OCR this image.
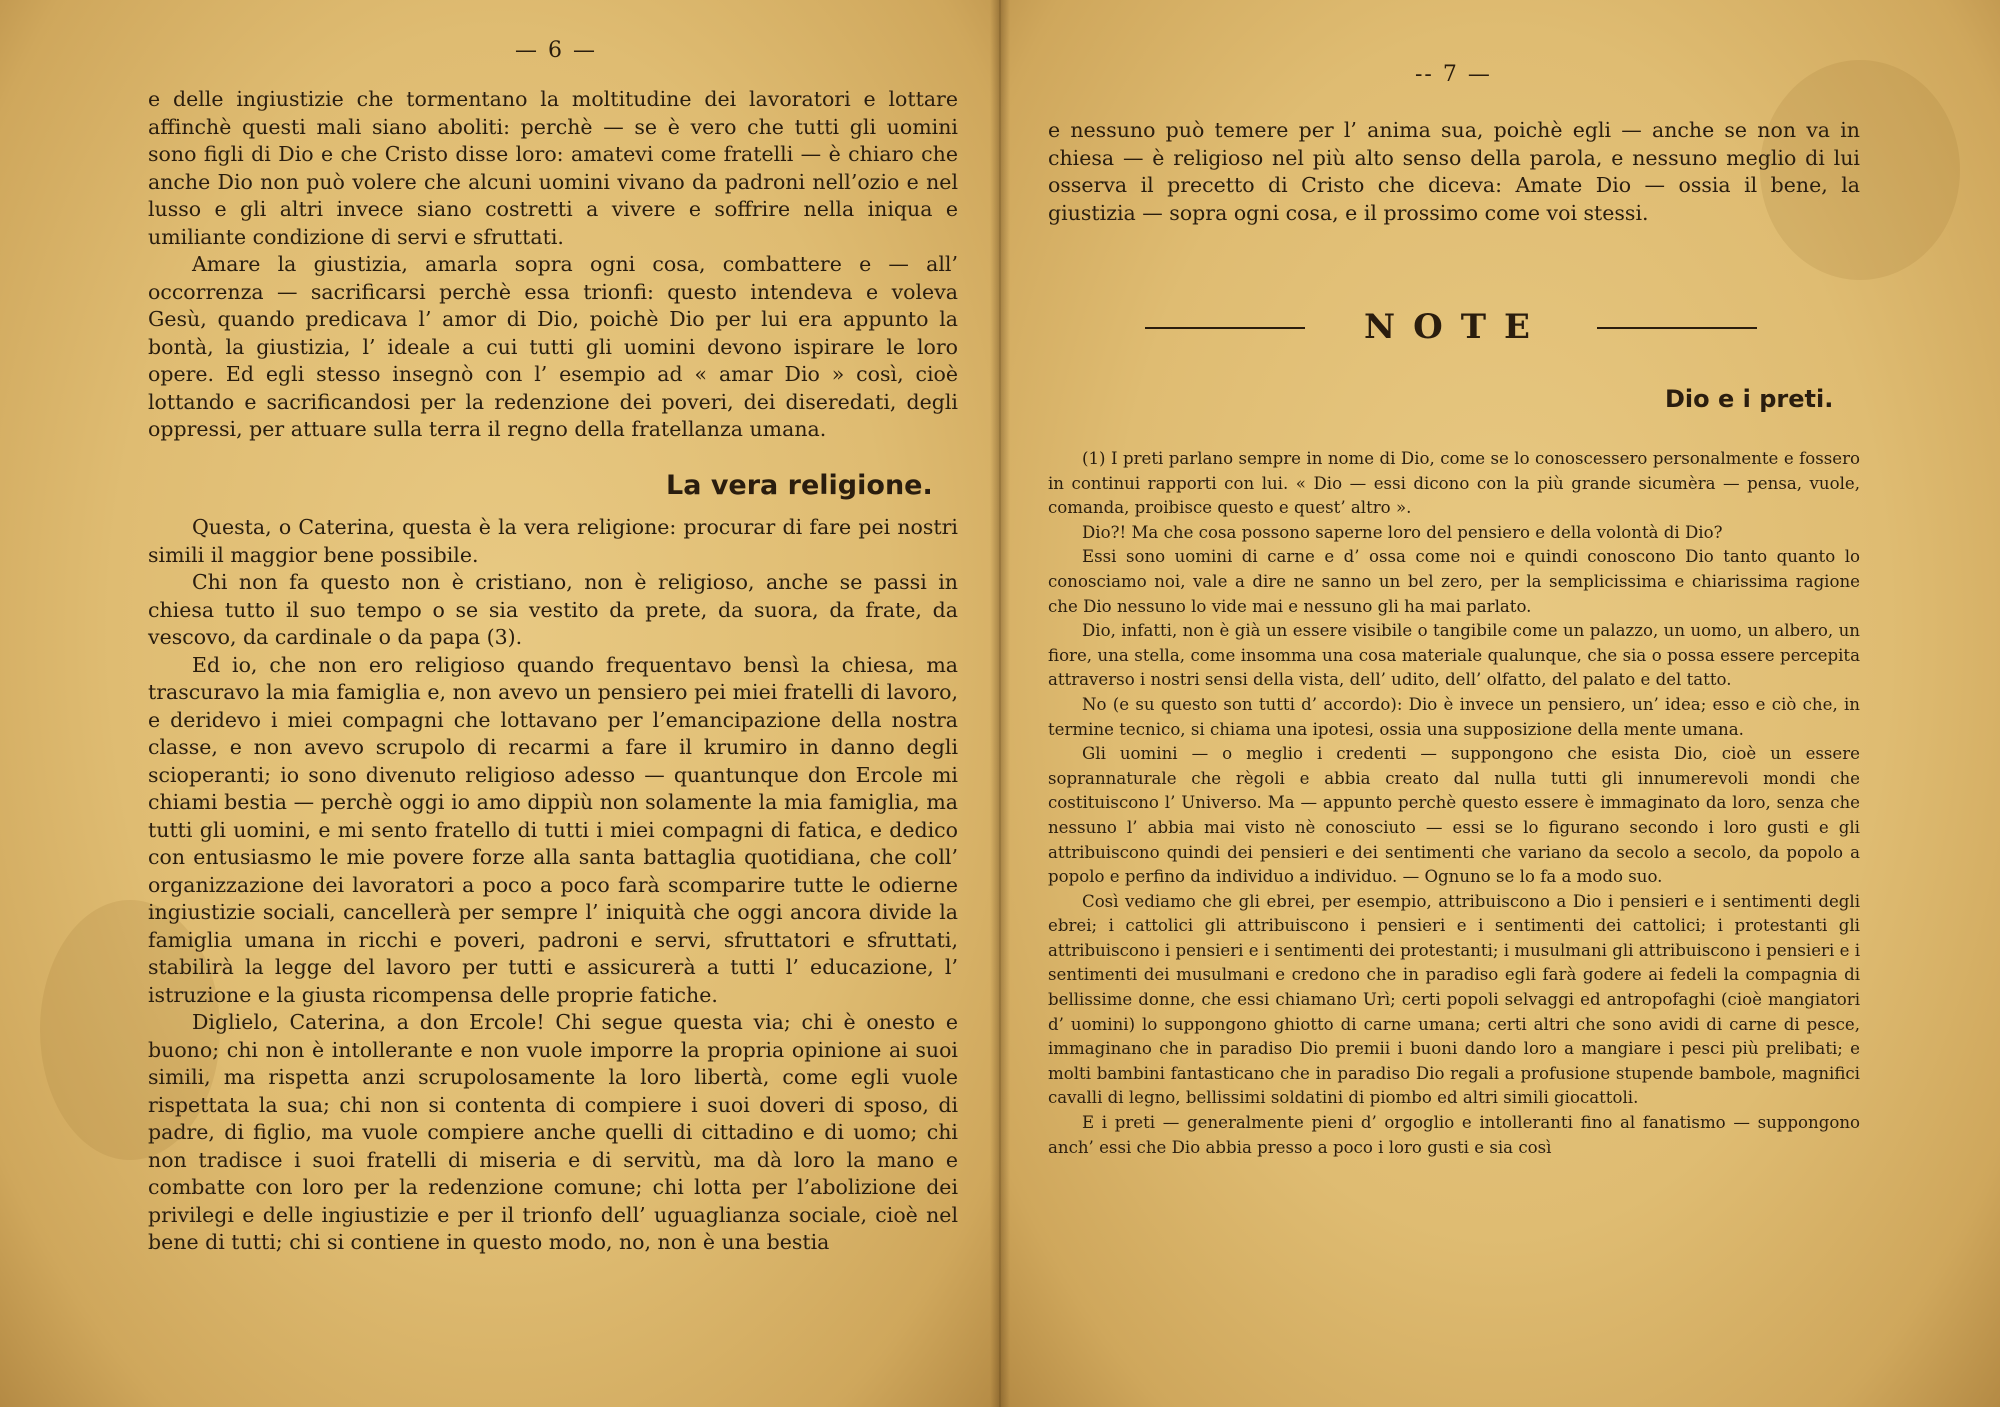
— 6 —

e delle ingiustizie che tormentano la moltitudine dei lavoratori e lottare affinchè questi mali siano aboliti: perchè — se è vero che tutti gli uomini sono figli di Dio e che Cristo disse loro: amatevi come fratelli — è chiaro che anche Dio non può volere che alcuni uomini vivano da padroni nell’ozio e nel lusso e gli altri invece siano costretti a vivere e soffrire nella iniqua e umiliante condizione di servi e sfruttati.

Amare la giustizia, amarla sopra ogni cosa, combattere e — all’ occorrenza — sacrificarsi perchè essa trionfi: questo intendeva e voleva Gesù, quando predicava l’ amor di Dio, poichè Dio per lui era appunto la bontà, la giustizia, l’ ideale a cui tutti gli uomini devono ispirare le loro opere. Ed egli stesso insegnò con l’ esempio ad « amar Dio » così, cioè lottando e sacrificandosi per la redenzione dei poveri, dei diseredati, degli oppressi, per attuare sulla terra il regno della fratellanza umana.

La vera religione.

Questa, o Caterina, questa è la vera religione: procurar di fare pei nostri simili il maggior bene possibile.

Chi non fa questo non è cristiano, non è religioso, anche se passi in chiesa tutto il suo tempo o se sia vestito da prete, da suora, da frate, da vescovo, da cardinale o da papa (3).

Ed io, che non ero religioso quando frequentavo bensì la chiesa, ma trascuravo la mia famiglia e, non avevo un pensiero pei miei fratelli di lavoro, e deridevo i miei compagni che lottavano per l’emancipazione della nostra classe, e non avevo scrupolo di recarmi a fare il krumiro in danno degli scioperanti; io sono divenuto religioso adesso — quantunque don Ercole mi chiami bestia — perchè oggi io amo dippiù non solamente la mia famiglia, ma tutti gli uomini, e mi sento fratello di tutti i miei compagni di fatica, e dedico con entusiasmo le mie povere forze alla santa battaglia quotidiana, che coll’ organizzazione dei lavoratori a poco a poco farà scomparire tutte le odierne ingiustizie sociali, cancellerà per sempre l’ iniquità che oggi ancora divide la famiglia umana in ricchi e poveri, padroni e servi, sfruttatori e sfruttati, stabilirà la legge del lavoro per tutti e assicurerà a tutti l’ educazione, l’ istruzione e la giusta ricompensa delle proprie fatiche.

Diglielo, Caterina, a don Ercole! Chi segue questa via; chi è onesto e buono; chi non è intollerante e non vuole imporre la propria opinione ai suoi simili, ma rispetta anzi scrupolosamente la loro libertà, come egli vuole rispettata la sua; chi non si contenta di compiere i suoi doveri di sposo, di padre, di figlio, ma vuole compiere anche quelli di cittadino e di uomo; chi non tradisce i suoi fratelli di miseria e di servitù, ma dà loro la mano e combatte con loro per la redenzione comune; chi lotta per l’abolizione dei privilegi e delle ingiustizie e per il trionfo dell’ uguaglianza sociale, cioè nel bene di tutti; chi si contiene in questo modo, no, non è una bestia

-- 7 —

e nessuno può temere per l’ anima sua, poichè egli — anche se non va in chiesa — è religioso nel più alto senso della parola, e nessuno meglio di lui osserva il precetto di Cristo che diceva: Amate Dio — ossia il bene, la giustizia — sopra ogni cosa, e il prossimo come voi stessi.

NOTE
Dio e i preti.

(1) I preti parlano sempre in nome di Dio, come se lo conoscessero personalmente e fossero in continui rapporti con lui. « Dio — essi dicono con la più grande sicumèra — pensa, vuole, comanda, proibisce questo e quest’ altro ».

Dio?! Ma che cosa possono saperne loro del pensiero e della volontà di Dio?

Essi sono uomini di carne e d’ ossa come noi e quindi conoscono Dio tanto quanto lo conosciamo noi, vale a dire ne sanno un bel zero, per la semplicissima e chiarissima ragione che Dio nessuno lo vide mai e nessuno gli ha mai parlato.

Dio, infatti, non è già un essere visibile o tangibile come un palazzo, un uomo, un albero, un fiore, una stella, come insomma una cosa materiale qualunque, che sia o possa essere percepita attraverso i nostri sensi della vista, dell’ udito, dell’ olfatto, del palato e del tatto.

No (e su questo son tutti d’ accordo): Dio è invece un pensiero, un’ idea; esso e ciò che, in termine tecnico, si chiama una ipotesi, ossia una supposizione della mente umana.

Gli uomini — o meglio i credenti — suppongono che esista Dio, cioè un essere soprannaturale che règoli e abbia creato dal nulla tutti gli innumerevoli mondi che costituiscono l’ Universo. Ma — appunto perchè questo essere è immaginato da loro, senza che nessuno l’ abbia mai visto nè conosciuto — essi se lo figurano secondo i loro gusti e gli attribuiscono quindi dei pensieri e dei sentimenti che variano da secolo a secolo, da popolo a popolo e perfino da individuo a individuo. — Ognuno se lo fa a modo suo.

Così vediamo che gli ebrei, per esempio, attribuiscono a Dio i pensieri e i sentimenti degli ebrei; i cattolici gli attribuiscono i pensieri e i sentimenti dei cattolici; i protestanti gli attribuiscono i pensieri e i sentimenti dei protestanti; i musulmani gli attribuiscono i pensieri e i sentimenti dei musulmani e credono che in paradiso egli farà godere ai fedeli la compagnia di bellissime donne, che essi chiamano Urì; certi popoli selvaggi ed antropofaghi (cioè mangiatori d’ uomini) lo suppongono ghiotto di carne umana; certi altri che sono avidi di carne di pesce, immaginano che in paradiso Dio premii i buoni dando loro a mangiare i pesci più prelibati; e molti bambini fantasticano che in paradiso Dio regali a profusione stupende bambole, magnifici cavalli di legno, bellissimi soldatini di piombo ed altri simili giocattoli.

E i preti — generalmente pieni d’ orgoglio e intolleranti fino al fanatismo — suppongono anch’ essi che Dio abbia presso a poco i loro gusti e sia così
